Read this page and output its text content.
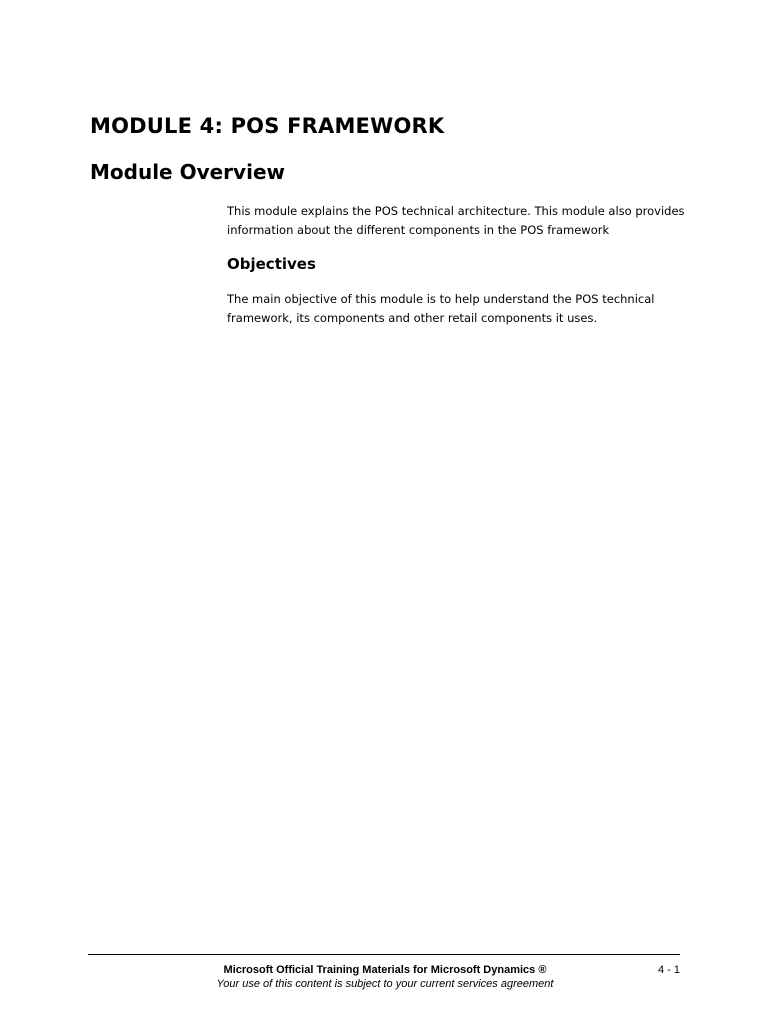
MODULE 4: POS FRAMEWORK
Module Overview

This module explains the POS technical architecture. This module also provides information about the different components in the POS framework

Objectives

The main objective of this module is to help understand the POS technical framework, its components and other retail components it uses.

Microsoft Official Training Materials for Microsoft Dynamics ®

Your use of this content is subject to your current services agreement

4 - 1
